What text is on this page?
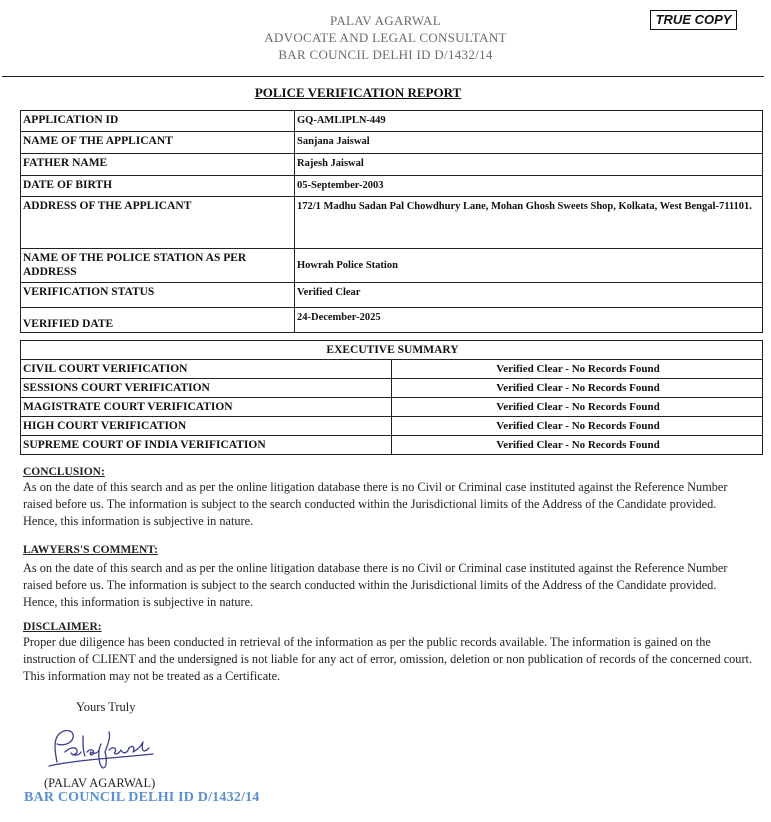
PALAV AGARWAL
ADVOCATE AND LEGAL CONSULTANT
BAR COUNCIL DELHI ID D/1432/14
TRUE COPY
POLICE VERIFICATION REPORT
APPLICATION ID	GQ-AMLIPLN-449
NAME OF THE APPLICANT	Sanjana Jaiswal
FATHER NAME	Rajesh Jaiswal
DATE OF BIRTH	05-September-2003
ADDRESS OF THE APPLICANT	172/1 Madhu Sadan Pal Chowdhury Lane, Mohan Ghosh Sweets Shop, Kolkata, West Bengal-711101.
NAME OF THE POLICE STATION AS PER ADDRESS	Howrah Police Station
VERIFICATION STATUS	Verified Clear
VERIFIED DATE	24-December-2025
EXECUTIVE SUMMARY	
CIVIL COURT VERIFICATION	Verified Clear - No Records Found
SESSIONS COURT VERIFICATION	Verified Clear - No Records Found
MAGISTRATE COURT VERIFICATION	Verified Clear - No Records Found
HIGH COURT VERIFICATION	Verified Clear - No Records Found
SUPREME COURT OF INDIA VERIFICATION	Verified Clear - No Records Found
CONCLUSION:
As on the date of this search and as per the online litigation database there is no Civil or Criminal case instituted against the Reference Number raised before us. The information is subject to the search conducted within the Jurisdictional limits of the Address of the Candidate provided. Hence, this information is subjective in nature.
LAWYERS'S COMMENT:
As on the date of this search and as per the online litigation database there is no Civil or Criminal case instituted against the Reference Number raised before us. The information is subject to the search conducted within the Jurisdictional limits of the Address of the Candidate provided. Hence, this information is subjective in nature.
DISCLAIMER:
Proper due diligence has been conducted in retrieval of the information as per the public records available. The information is gained on the instruction of CLIENT and the undersigned is not liable for any act of error, omission, deletion or non publication of records of the concerned court. This information may not be treated as a Certificate.
Yours Truly
(PALAV AGARWAL)
BAR COUNCIL DELHI ID D/1432/14
